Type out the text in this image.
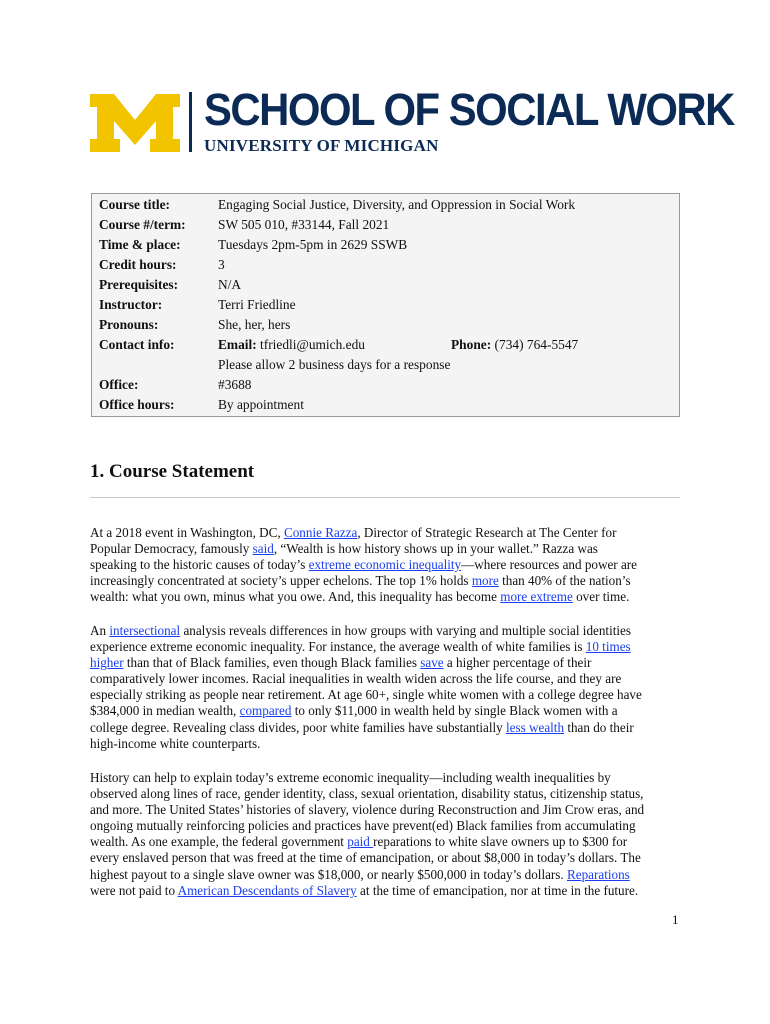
SCHOOL OF SOCIAL WORK
UNIVERSITY OF MICHIGAN
Course title:	Engaging Social Justice, Diversity, and Oppression in Social Work
Course #/term: SW 505 010, #33144, Fall 2021
Time & place:	Tuesdays 2pm-5pm in 2629 SSWB
Credit hours:	3
Prerequisites:	N/A
Instructor:	Terri Friedline
Pronouns:	She, her, hers
Contact info:	Email: tfriedli@umich.edu	Phone: (734) 764-5547
Please allow 2 business days for a response
Office:	#3688
Office hours:	By appointment
1. Course Statement
At a 2018 event in Washington, DC, Connie Razza, Director of Strategic Research at The Center for
Popular Democracy, famously said, “Wealth is how history shows up in your wallet.” Razza was
speaking to the historic causes of today’s extreme economic inequality—where resources and power are
increasingly concentrated at society’s upper echelons. The top 1% holds more than 40% of the nation’s
wealth: what you own, minus what you owe. And, this inequality has become more extreme over time.
An intersectional analysis reveals differences in how groups with varying and multiple social identities
experience extreme economic inequality. For instance, the average wealth of white families is 10 times
higher than that of Black families, even though Black families save a higher percentage of their
comparatively lower incomes. Racial inequalities in wealth widen across the life course, and they are
especially striking as people near retirement. At age 60+, single white women with a college degree have
$384,000 in median wealth, compared to only $11,000 in wealth held by single Black women with a
college degree. Revealing class divides, poor white families have substantially less wealth than do their
high-income white counterparts.
History can help to explain today’s extreme economic inequality—including wealth inequalities by
observed along lines of race, gender identity, class, sexual orientation, disability status, citizenship status,
and more. The United States’ histories of slavery, violence during Reconstruction and Jim Crow eras, and
ongoing mutually reinforcing policies and practices have prevent(ed) Black families from accumulating
wealth. As one example, the federal government paid reparations to white slave owners up to $300 for
every enslaved person that was freed at the time of emancipation, or about $8,000 in today’s dollars. The
highest payout to a single slave owner was $18,000, or nearly $500,000 in today’s dollars. Reparations
were not paid to American Descendants of Slavery at the time of emancipation, nor at time in the future.
1
